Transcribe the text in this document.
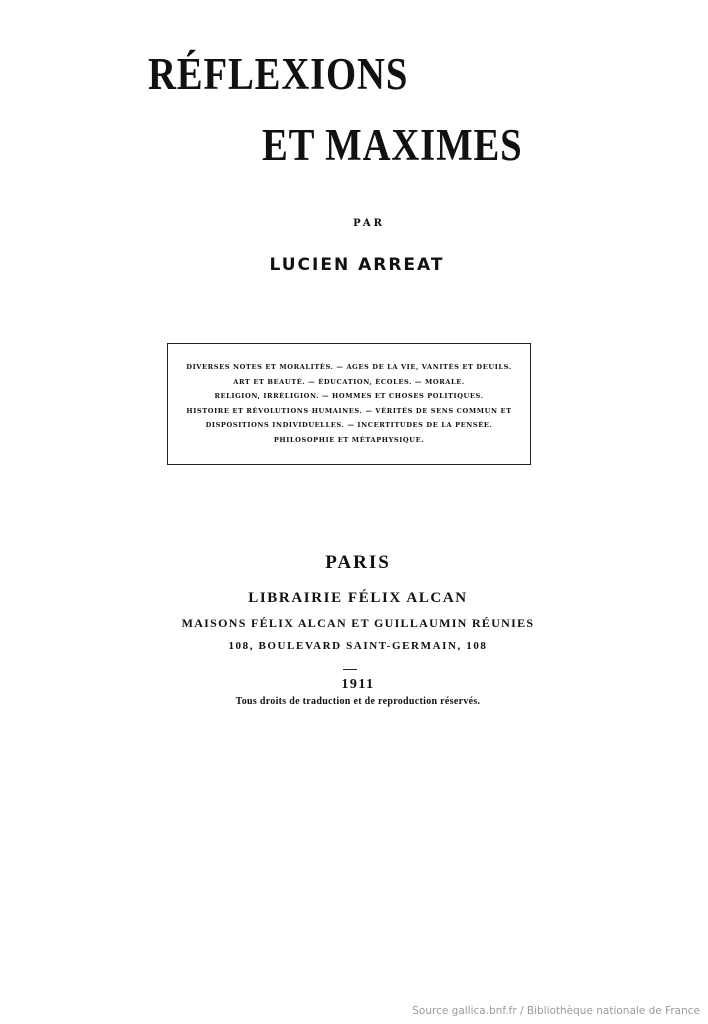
RÉFLEXIONS
ET MAXIMES
PAR
LUCIEN ARREAT
DIVERSES NOTES ET MORALITÉS. — AGES DE LA VIE, VANITÉS ET DEUILS.
ART ET BEAUTÉ. — ÉDUCATION, ÉCOLES. — MORALE.
RELIGION, IRRÉLIGION. — HOMMES ET CHOSES POLITIQUES.
HISTOIRE ET RÉVOLUTIONS HUMAINES. — VÉRITÉS DE SENS COMMUN ET
DISPOSITIONS INDIVIDUELLES. — INCERTITUDES DE LA PENSÉE.
PHILOSOPHIE ET MÉTAPHYSIQUE.
PARIS
LIBRAIRIE FÉLIX ALCAN
MAISONS FÉLIX ALCAN ET GUILLAUMIN RÉUNIES
108, BOULEVARD SAINT-GERMAIN, 108
1911
Tous droits de traduction et de reproduction réservés.
Source gallica.bnf.fr / Bibliothèque nationale de France
